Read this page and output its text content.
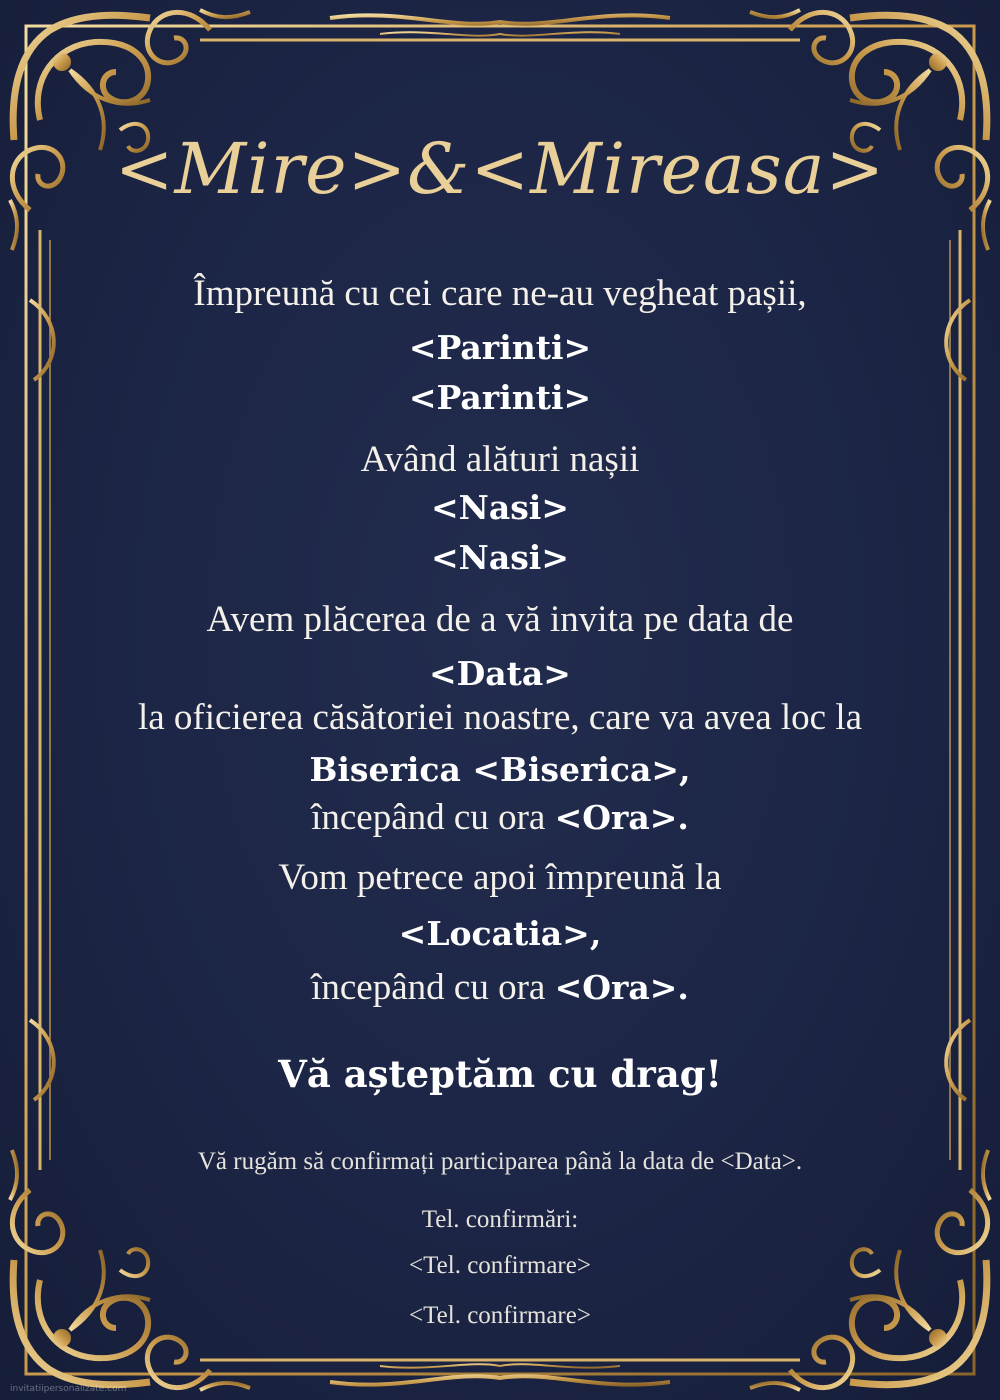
<Mire>&<Mireasa>
Împreună cu cei care ne-au vegheat pașii,
<Parinti>
<Parinti>
Având alături nașii
<Nasi>
<Nasi>
Avem plăcerea de a vă invita pe data de
<Data>
la oficierea căsătoriei noastre, care va avea loc la
Biserica <Biserica>,
începând cu ora <Ora>.
Vom petrece apoi împreună la
<Locatia>,
începând cu ora <Ora>.
Vă așteptăm cu drag!
Vă rugăm să confirmați participarea până la data de <Data>.
Tel. confirmări:
<Tel. confirmare>
<Tel. confirmare>
invitatiipersonalizate.com
